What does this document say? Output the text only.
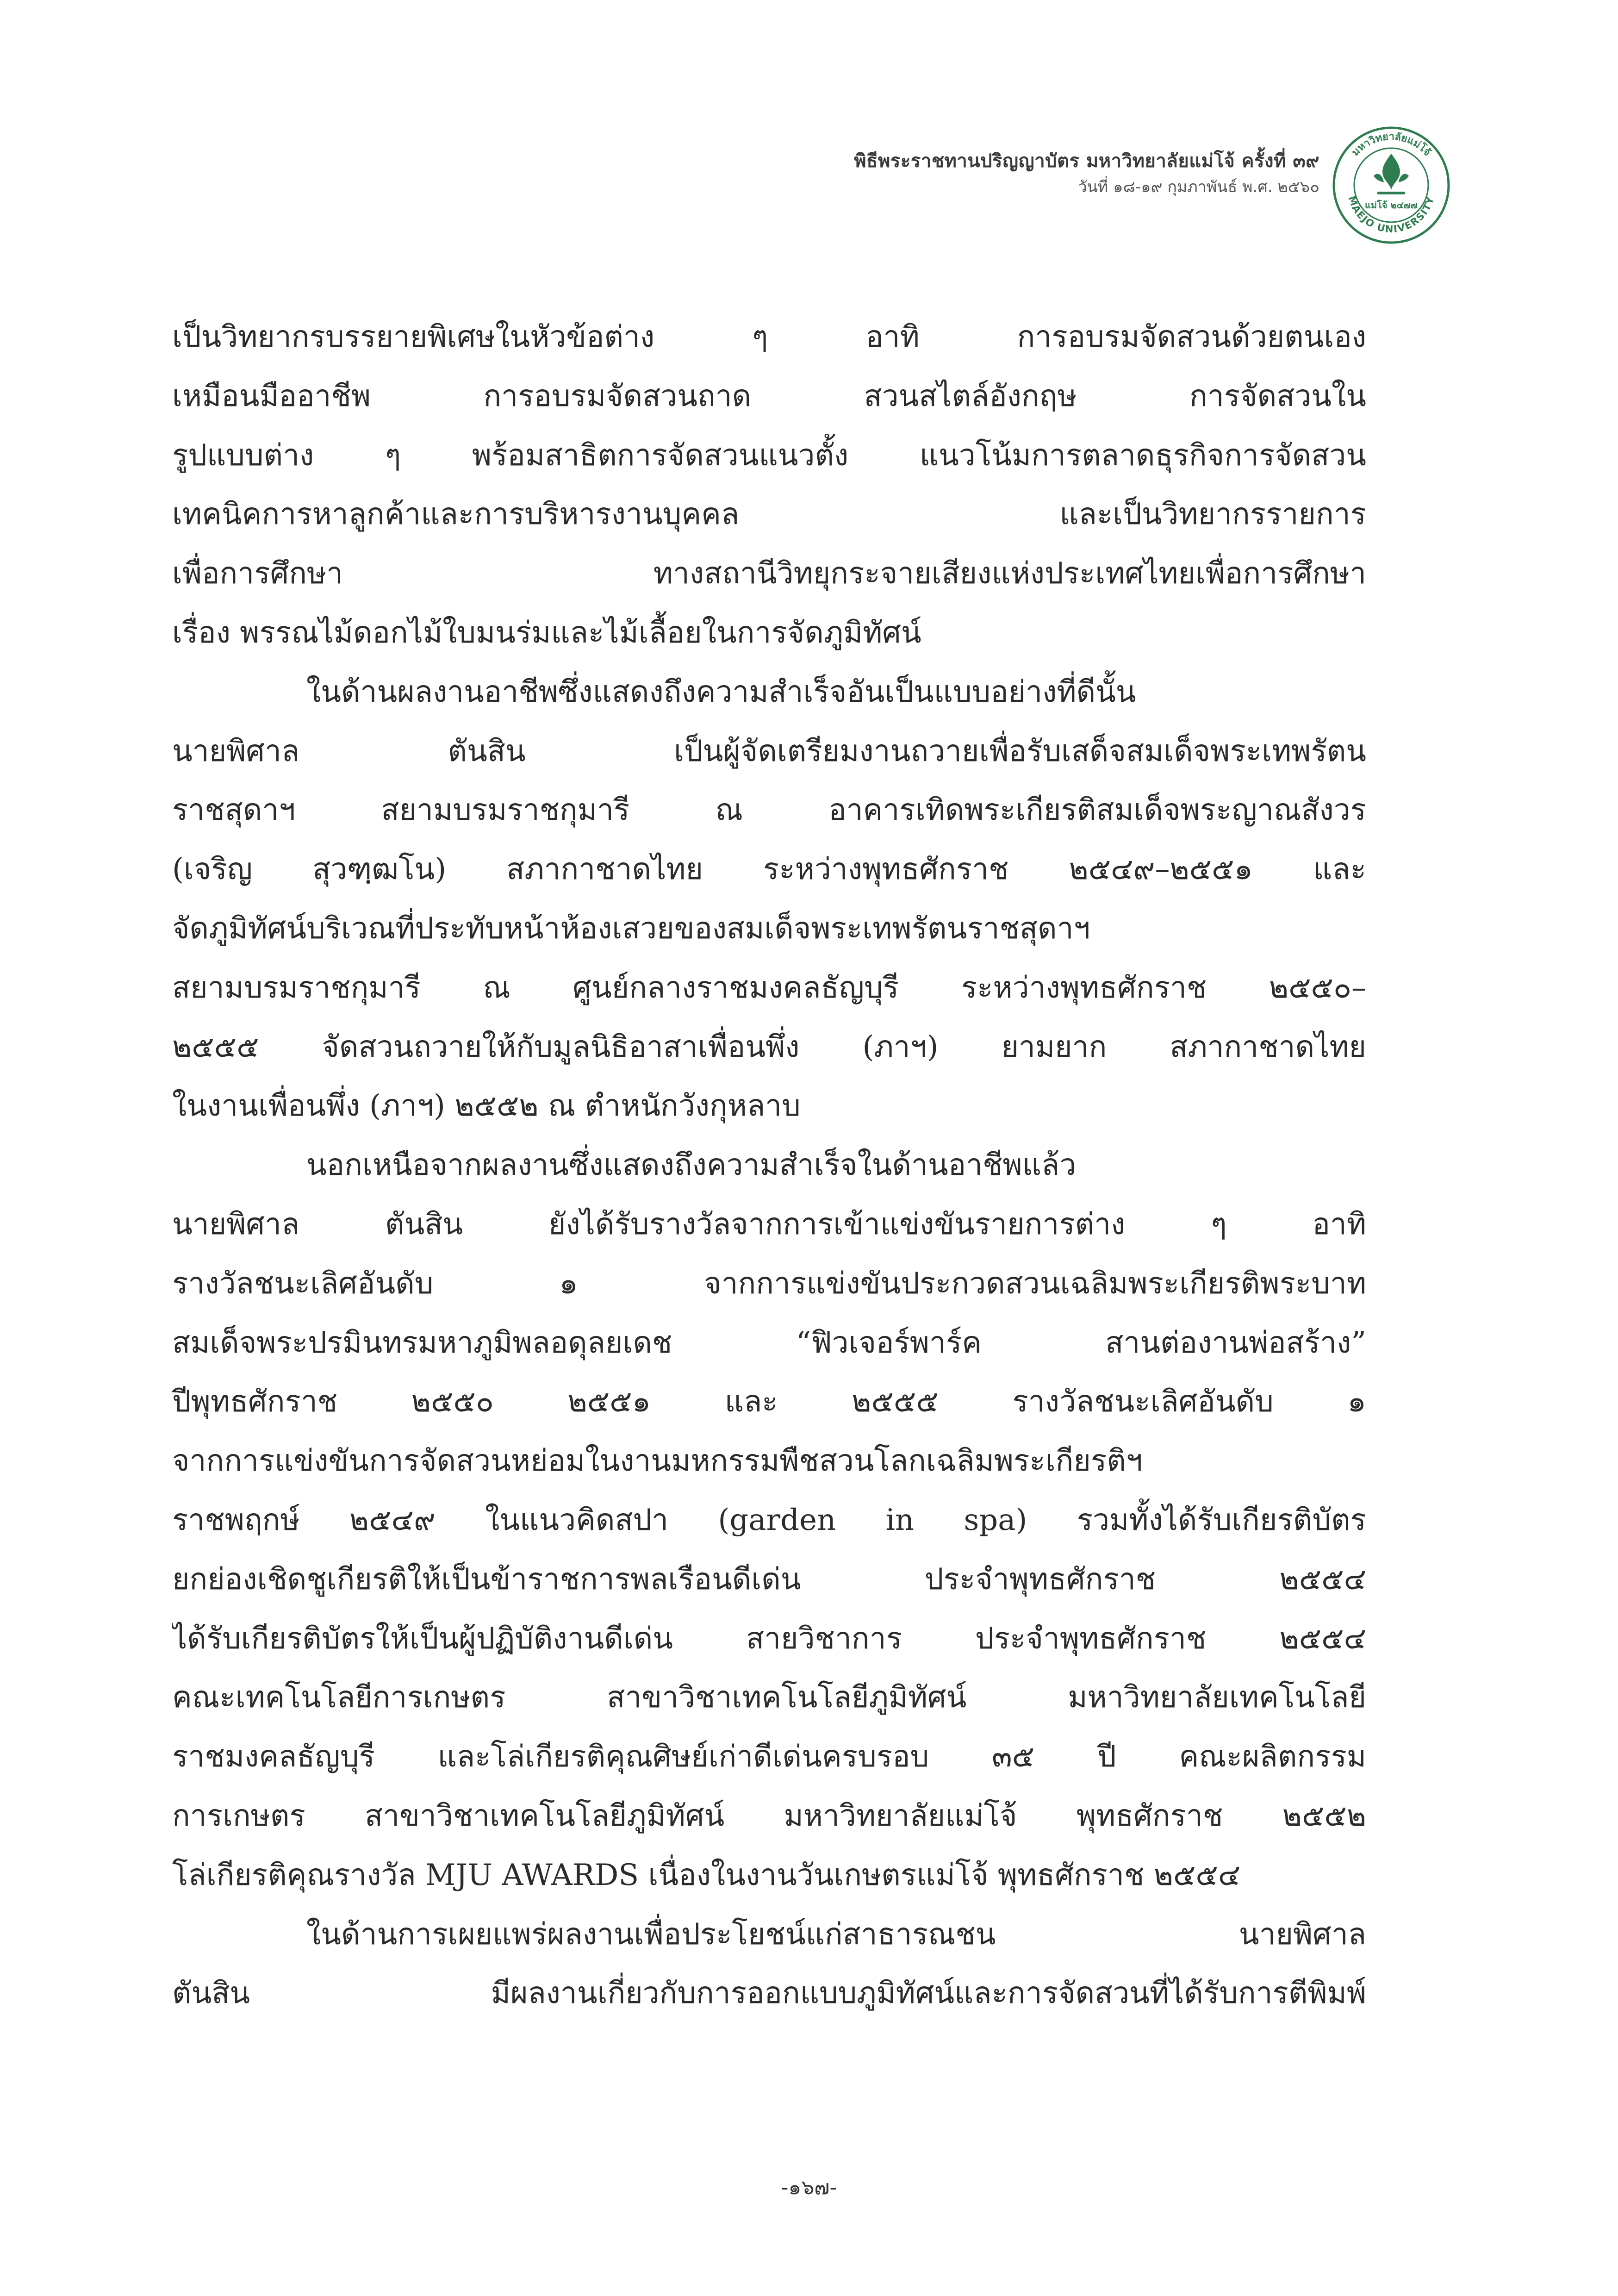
พิธีพระราชทานปริญญาบัตร มหาวิทยาลัยแม่โจ้ ครั้งที่ ๓๙
วันที่ ๑๘-๑๙ กุมภาพันธ์ พ.ศ. ๒๕๖๐
มหาวิทยาลัยแม่โจ้
MAEJO UNIVERSITY
แม่โจ้ ๒๔๗๗
เป็นวิทยากรบรรยายพิเศษในหัวข้อต่าง ๆ อาทิ การอบรมจัดสวนด้วยตนเอง
เหมือนมืออาชีพ การอบรมจัดสวนถาด สวนสไตล์อังกฤษ การจัดสวนใน
รูปแบบต่าง ๆ พร้อมสาธิตการจัดสวนแนวตั้ง แนวโน้มการตลาดธุรกิจการจัดสวน
เทคนิคการหาลูกค้าและการบริหารงานบุคคล และเป็นวิทยากรรายการ
เพื่อการศึกษา ทางสถานีวิทยุกระจายเสียงแห่งประเทศไทยเพื่อการศึกษา
เรื่อง พรรณไม้ดอกไม้ใบมนร่มและไม้เลื้อยในการจัดภูมิทัศน์
ในด้านผลงานอาชีพซึ่งแสดงถึงความสำเร็จอันเป็นแบบอย่างที่ดีนั้น
นายพิศาล ตันสิน เป็นผู้จัดเตรียมงานถวายเพื่อรับเสด็จสมเด็จพระเทพรัตน
ราชสุดาฯ สยามบรมราชกุมารี ณ อาคารเทิดพระเกียรติสมเด็จพระญาณสังวร
(เจริญ สุวฑฺฒโน) สภากาชาดไทย ระหว่างพุทธศักราช ๒๕๔๙–๒๕๕๑ และ
จัดภูมิทัศน์บริเวณที่ประทับหน้าห้องเสวยของสมเด็จพระเทพรัตนราชสุดาฯ
สยามบรมราชกุมารี ณ ศูนย์กลางราชมงคลธัญบุรี ระหว่างพุทธศักราช ๒๕๕๐–
๒๕๕๕ จัดสวนถวายให้กับมูลนิธิอาสาเพื่อนพึ่ง (ภาฯ) ยามยาก สภากาชาดไทย
ในงานเพื่อนพึ่ง (ภาฯ) ๒๕๕๒ ณ ตำหนักวังกุหลาบ
นอกเหนือจากผลงานซึ่งแสดงถึงความสำเร็จในด้านอาชีพแล้ว
นายพิศาล ตันสิน ยังได้รับรางวัลจากการเข้าแข่งขันรายการต่าง ๆ อาทิ
รางวัลชนะเลิศอันดับ ๑ จากการแข่งขันประกวดสวนเฉลิมพระเกียรติพระบาท
สมเด็จพระปรมินทรมหาภูมิพลอดุลยเดช “ฟิวเจอร์พาร์ค สานต่องานพ่อสร้าง”
ปีพุทธศักราช ๒๕๕๐ ๒๕๕๑ และ ๒๕๕๕ รางวัลชนะเลิศอันดับ ๑
จากการแข่งขันการจัดสวนหย่อมในงานมหกรรมพืชสวนโลกเฉลิมพระเกียรติฯ
ราชพฤกษ์ ๒๕๔๙ ในแนวคิดสปา (garden in spa) รวมทั้งได้รับเกียรติบัตร
ยกย่องเชิดชูเกียรติให้เป็นข้าราชการพลเรือนดีเด่น ประจำพุทธศักราช ๒๕๕๔
ได้รับเกียรติบัตรให้เป็นผู้ปฏิบัติงานดีเด่น สายวิชาการ ประจำพุทธศักราช ๒๕๕๔
คณะเทคโนโลยีการเกษตร สาขาวิชาเทคโนโลยีภูมิทัศน์ มหาวิทยาลัยเทคโนโลยี
ราชมงคลธัญบุรี และโล่เกียรติคุณศิษย์เก่าดีเด่นครบรอบ ๓๕ ปี คณะผลิตกรรม
การเกษตร สาขาวิชาเทคโนโลยีภูมิทัศน์ มหาวิทยาลัยแม่โจ้ พุทธศักราช ๒๕๕๒
โล่เกียรติคุณรางวัล MJU AWARDS เนื่องในงานวันเกษตรแม่โจ้ พุทธศักราช ๒๕๕๔
ในด้านการเผยแพร่ผลงานเพื่อประโยชน์แก่สาธารณชน นายพิศาล
ตันสิน มีผลงานเกี่ยวกับการออกแบบภูมิทัศน์และการจัดสวนที่ได้รับการตีพิมพ์
-๑๖๗-
